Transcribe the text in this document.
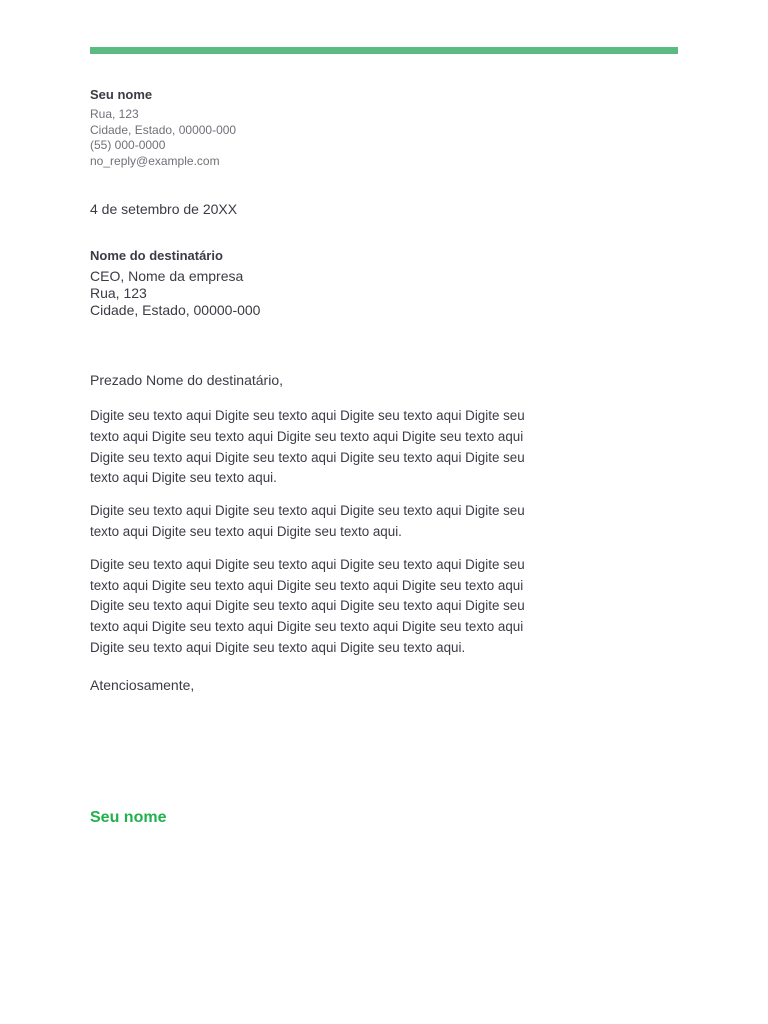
Seu nome
Rua, 123
Cidade, Estado, 00000-000
(55) 000-0000
no_reply@example.com
4 de setembro de 20XX
Nome do destinatário
CEO, Nome da empresa
Rua, 123
Cidade, Estado, 00000-000

Prezado Nome do destinatário,

Digite seu texto aqui Digite seu texto aqui Digite seu texto aqui Digite seu texto aqui Digite seu texto aqui Digite seu texto aqui Digite seu texto aqui Digite seu texto aqui Digite seu texto aqui Digite seu texto aqui Digite seu texto aqui Digite seu texto aqui.

Digite seu texto aqui Digite seu texto aqui Digite seu texto aqui Digite seu texto aqui Digite seu texto aqui Digite seu texto aqui.

Digite seu texto aqui Digite seu texto aqui Digite seu texto aqui Digite seu texto aqui Digite seu texto aqui Digite seu texto aqui Digite seu texto aqui Digite seu texto aqui Digite seu texto aqui Digite seu texto aqui Digite seu texto aqui Digite seu texto aqui Digite seu texto aqui Digite seu texto aqui Digite seu texto aqui Digite seu texto aqui Digite seu texto aqui.

Atenciosamente,

Seu nome
